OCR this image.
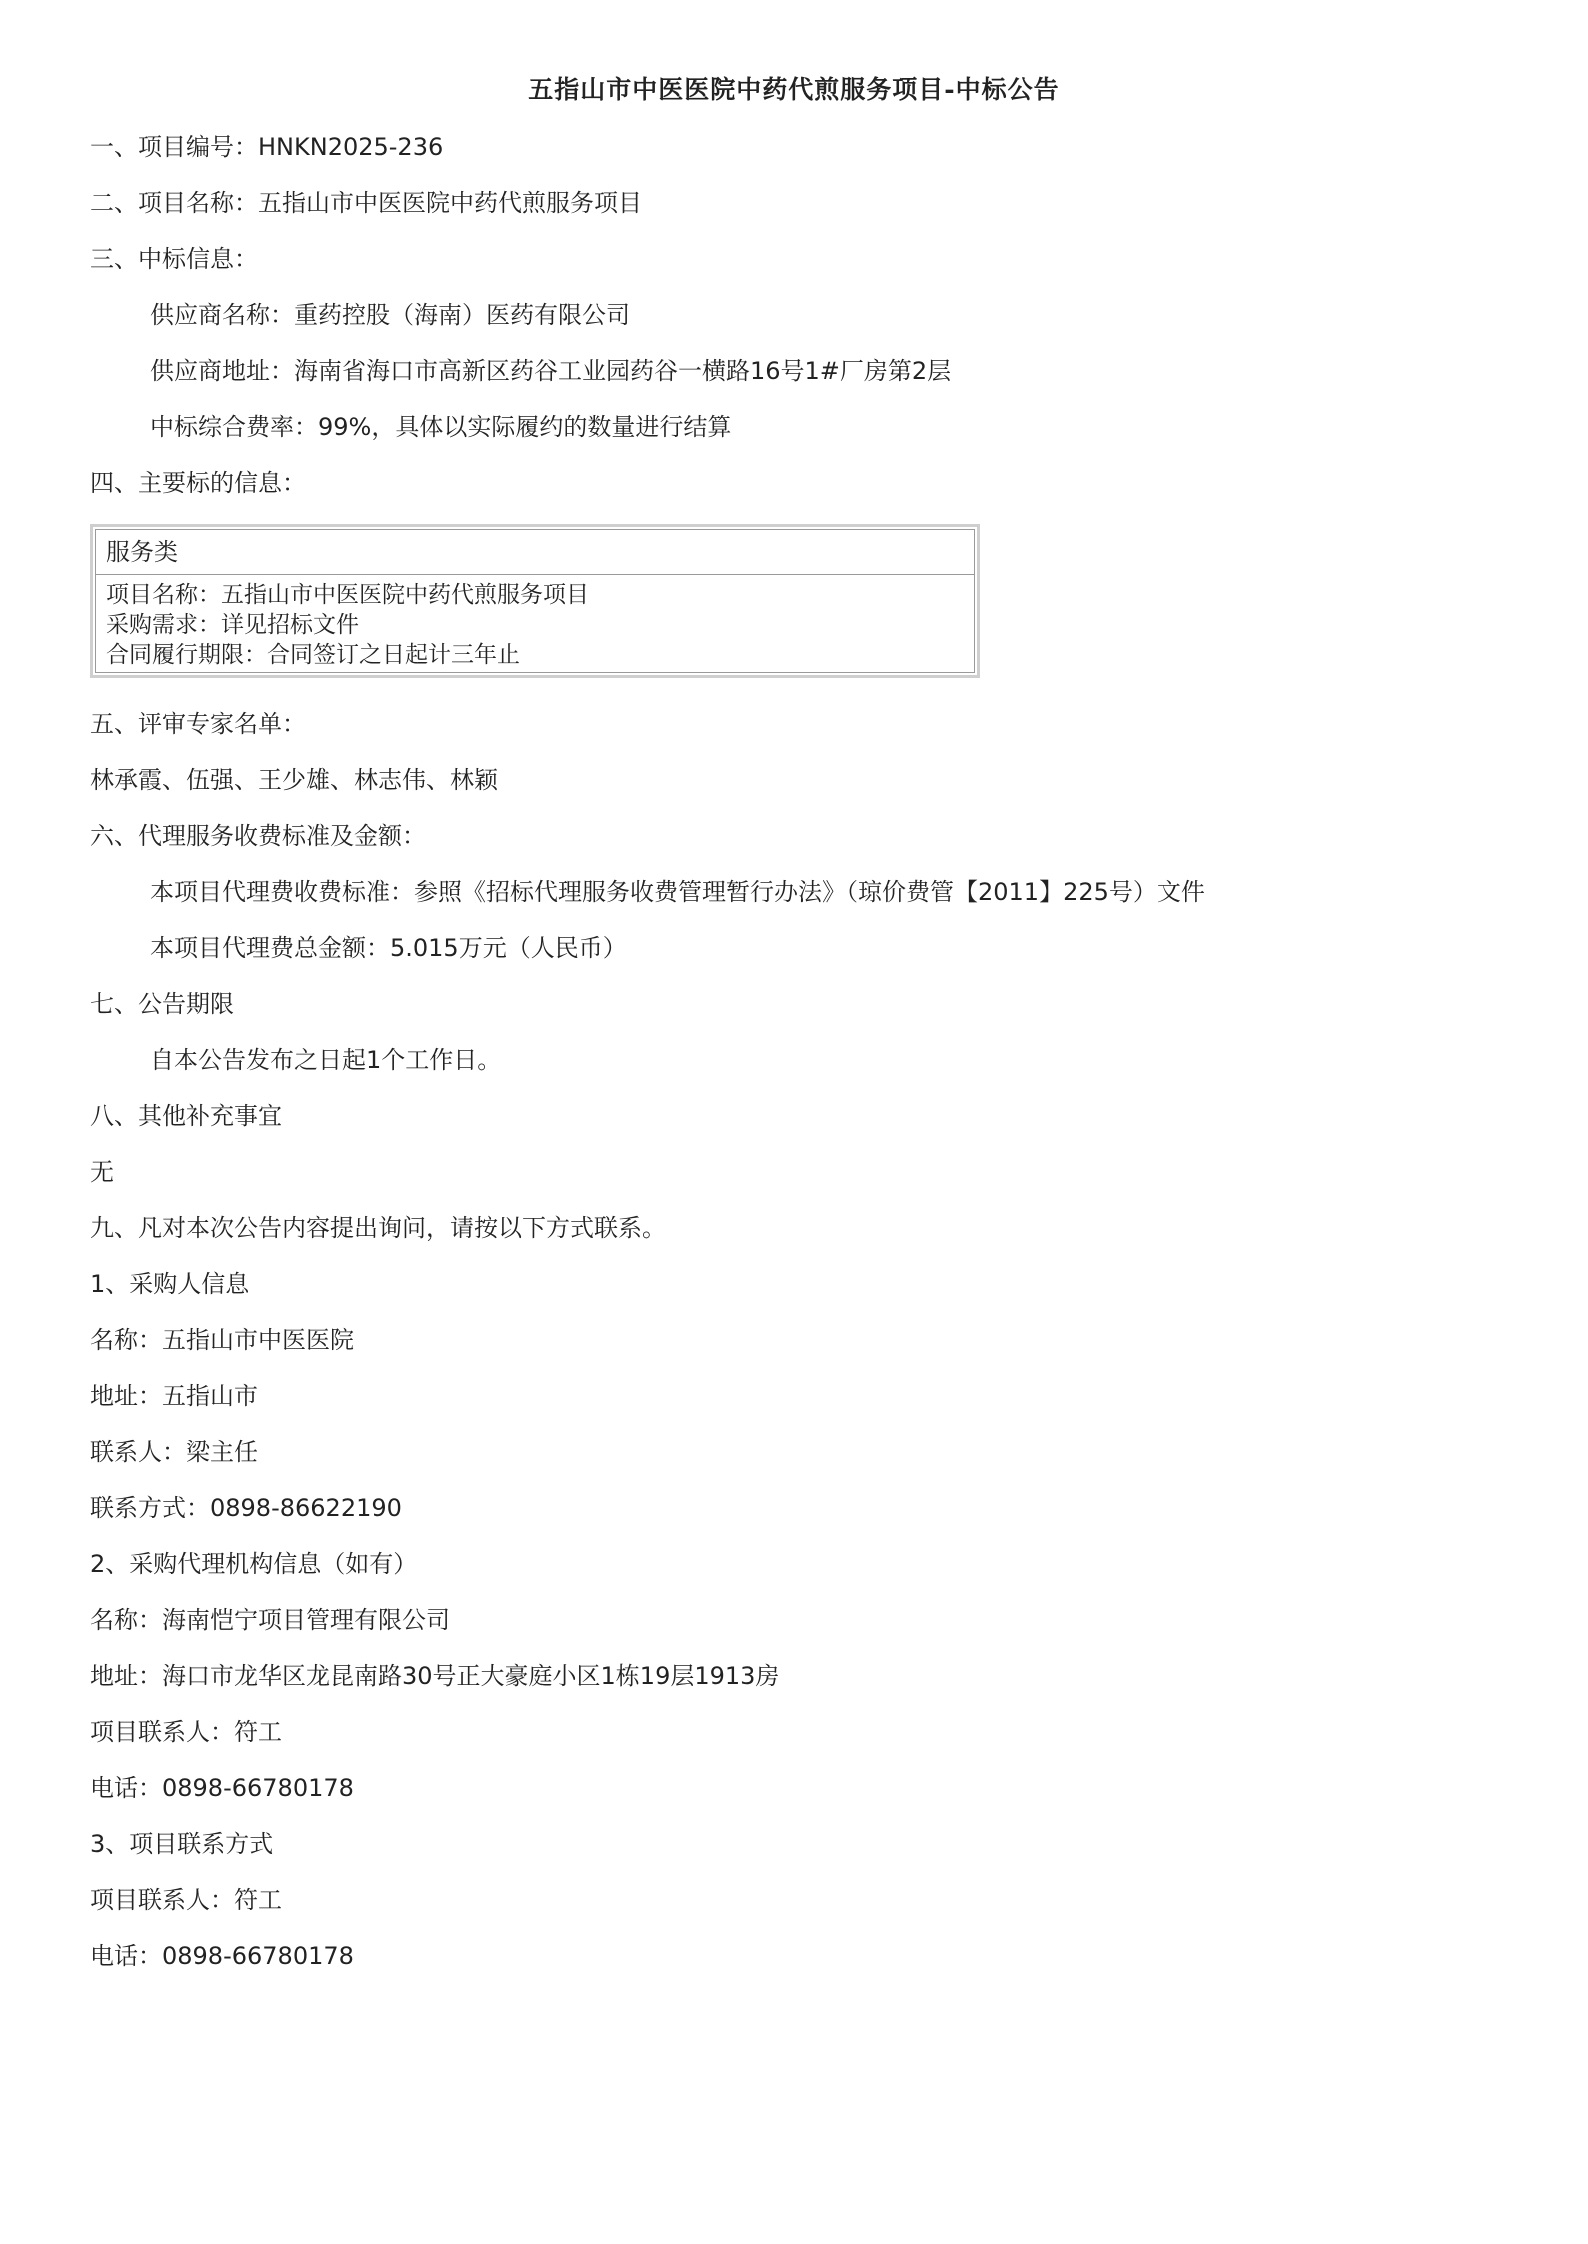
五指山市中医医院中药代煎服务项目-中标公告
一、项目编号：HNKN2025-236
二、项目名称：五指山市中医医院中药代煎服务项目
三、中标信息：
供应商名称：重药控股（海南）医药有限公司
供应商地址：海南省海口市高新区药谷工业园药谷一横路16号1#厂房第2层
中标综合费率：99%，具体以实际履约的数量进行结算
四、主要标的信息：
服务类
项目名称：五指山市中医医院中药代煎服务项目
采购需求：详见招标文件
合同履行期限：合同签订之日起计三年止
五、评审专家名单：
林承霞、伍强、王少雄、林志伟、林颖
六、代理服务收费标准及金额：
本项目代理费收费标准：参照《招标代理服务收费管理暂行办法》（琼价费管【2011】225号）文件
本项目代理费总金额：5.015万元（人民币）
七、公告期限
自本公告发布之日起1个工作日。
八、其他补充事宜
无
九、凡对本次公告内容提出询问，请按以下方式联系。
1、采购人信息
名称：五指山市中医医院
地址：五指山市
联系人：梁主任
联系方式：0898-86622190
2、采购代理机构信息（如有）
名称：海南恺宁项目管理有限公司
地址：海口市龙华区龙昆南路30号正大豪庭小区1栋19层1913房
项目联系人：符工
电话：0898-66780178
3、项目联系方式
项目联系人：符工
电话：0898-66780178
